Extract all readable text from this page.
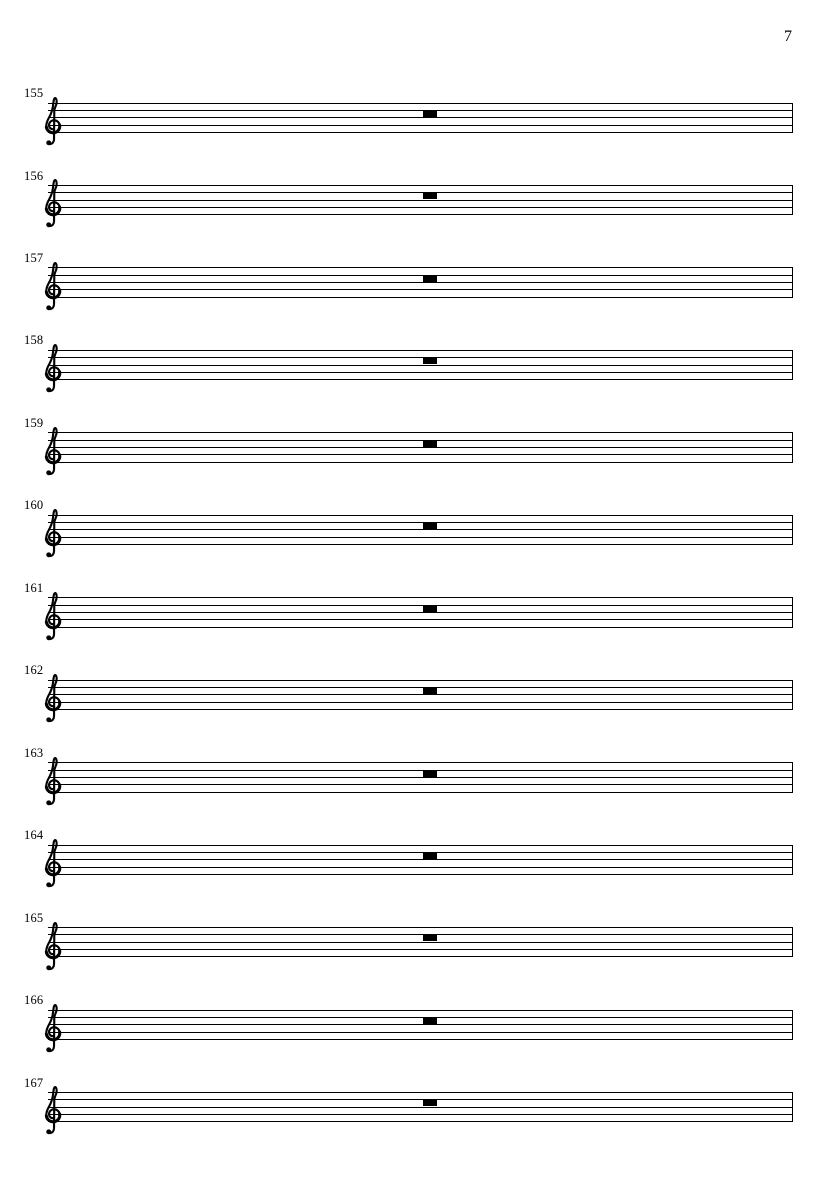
7
155
156
157
158
159
160
161
162
163
164
165
166
167
